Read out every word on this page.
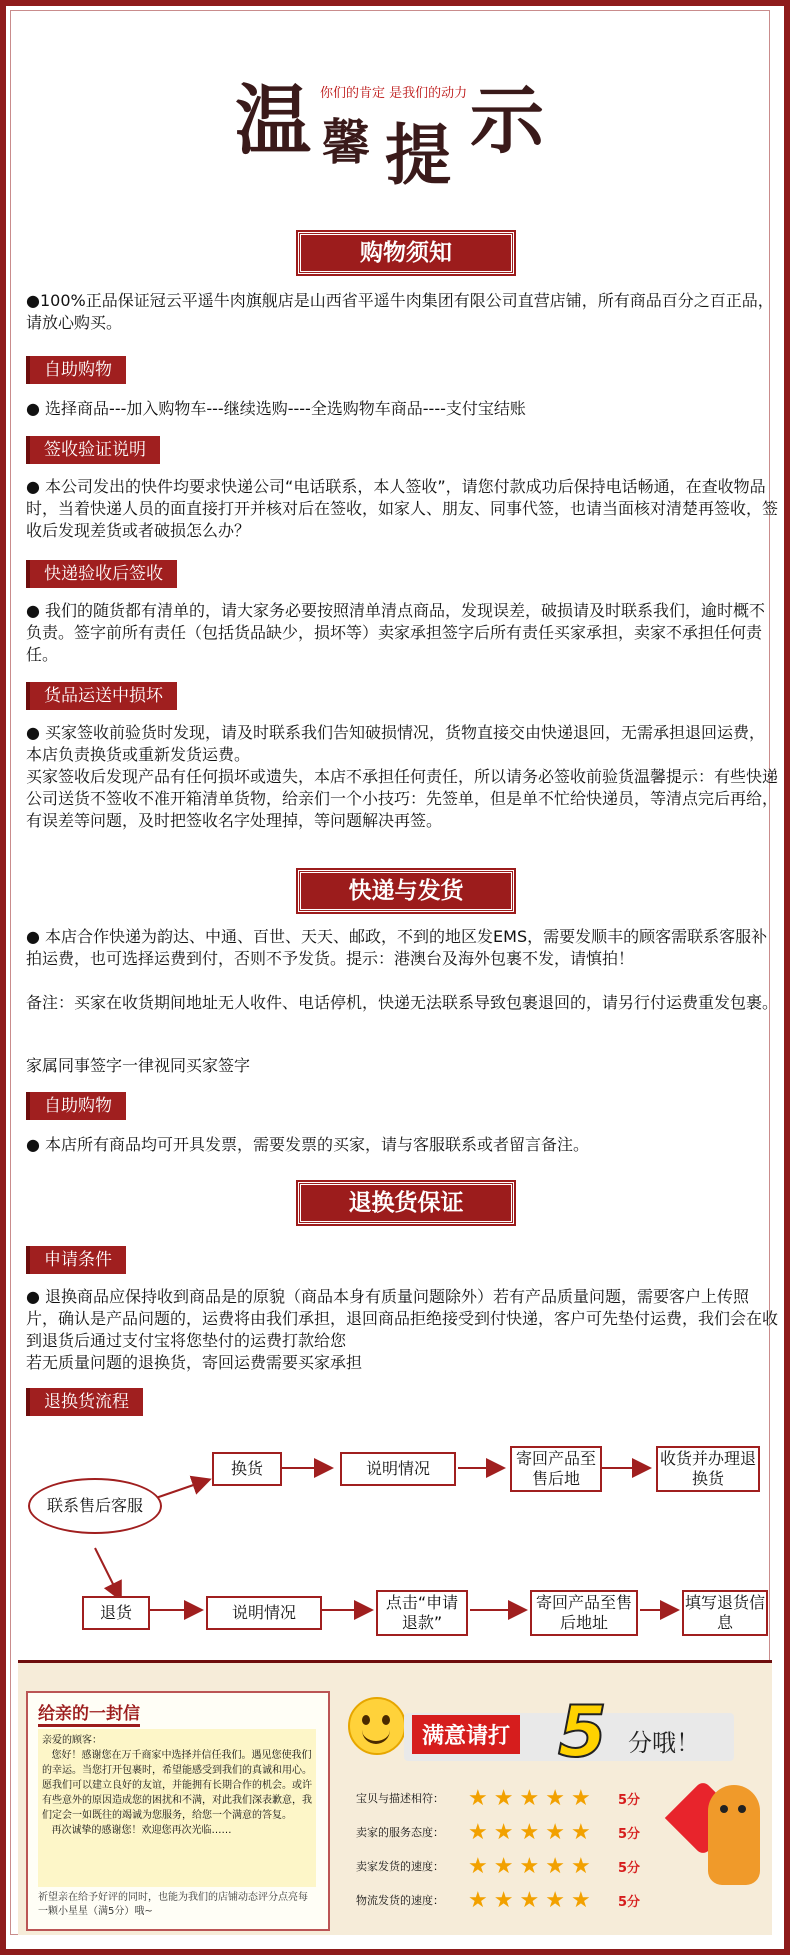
温 馨 提 示
你们的肯定 是我们的动力
购物须知
●100%正品保证冠云平遥牛肉旗舰店是山西省平遥牛肉集团有限公司直营店铺，所有商品百分之百正品，请放心购买。
自助购物
● 选择商品---加入购物车---继续选购----全选购物车商品----支付宝结账
签收验证说明
● 本公司发出的快件均要求快递公司“电话联系，本人签收”，请您付款成功后保持电话畅通，在查收物品时，当着快递人员的面直接打开并核对后在签收，如家人、朋友、同事代签，也请当面核对清楚再签收，签收后发现差货或者破损怎么办？
快递验收后签收
● 我们的随货都有清单的，请大家务必要按照清单清点商品，发现误差，破损请及时联系我们，逾时概不负责。签字前所有责任（包括货品缺少，损坏等）卖家承担签字后所有责任买家承担，卖家不承担任何责任。
货品运送中损坏
● 买家签收前验货时发现，请及时联系我们告知破损情况，货物直接交由快递退回，无需承担退回运费，本店负责换货或重新发货运费。
买家签收后发现产品有任何损坏或遗失，本店不承担任何责任，所以请务必签收前验货温馨提示：有些快递公司送货不签收不准开箱清单货物，给亲们一个小技巧：先签单，但是单不忙给快递员，等清点完后再给，有误差等问题，及时把签收名字处理掉，等问题解决再签。
快递与发货
● 本店合作快递为韵达、中通、百世、天天、邮政，不到的地区发EMS，需要发顺丰的顾客需联系客服补拍运费，也可选择运费到付，否则不予发货。提示：港澳台及海外包裹不发，请慎拍！
备注：买家在收货期间地址无人收件、电话停机，快递无法联系导致包裹退回的，请另行付运费重发包裹。
家属同事签字一律视同买家签字
自助购物
● 本店所有商品均可开具发票，需要发票的买家，请与客服联系或者留言备注。
退换货保证
申请条件
● 退换商品应保持收到商品是的原貌（商品本身有质量问题除外）若有产品质量问题，需要客户上传照片，确认是产品问题的，运费将由我们承担，退回商品拒绝接受到付快递，客户可先垫付运费，我们会在收到退货后通过支付宝将您垫付的运费打款给您
若无质量问题的退换货，寄回运费需要买家承担
退换货流程
联系售后客服
换货	说明情况
寄回产品至售后地
收货并办理退换货
退货	说明情况
点击“申请退款”
寄回产品至售后地址
填写退货信息
给亲的一封信
亲爱的顾客：
您好！感谢您在万千商家中选择并信任我们。遇见您使我们的幸运。当您打开包裹时，希望能感受到我们的真诚和用心。愿我们可以建立良好的友谊，并能拥有长期合作的机会。或许有些意外的原因造成您的困扰和不满，对此我们深表歉意，我们定会一如既往的竭诚为您服务，给您一个满意的答复。
再次诚挚的感谢您！欢迎您再次光临……
祈望亲在给予好评的同时，也能为我们的店铺动态评分点亮每一颗小星星（满5分）哦~
满意请打 5 分哦！
宝贝与描述相符：	★ ★ ★ ★ ★	5分
卖家的服务态度：	★ ★ ★ ★ ★	5分
卖家发货的速度：	★ ★ ★ ★ ★	5分
物流发货的速度：	★ ★ ★ ★ ★	5分
